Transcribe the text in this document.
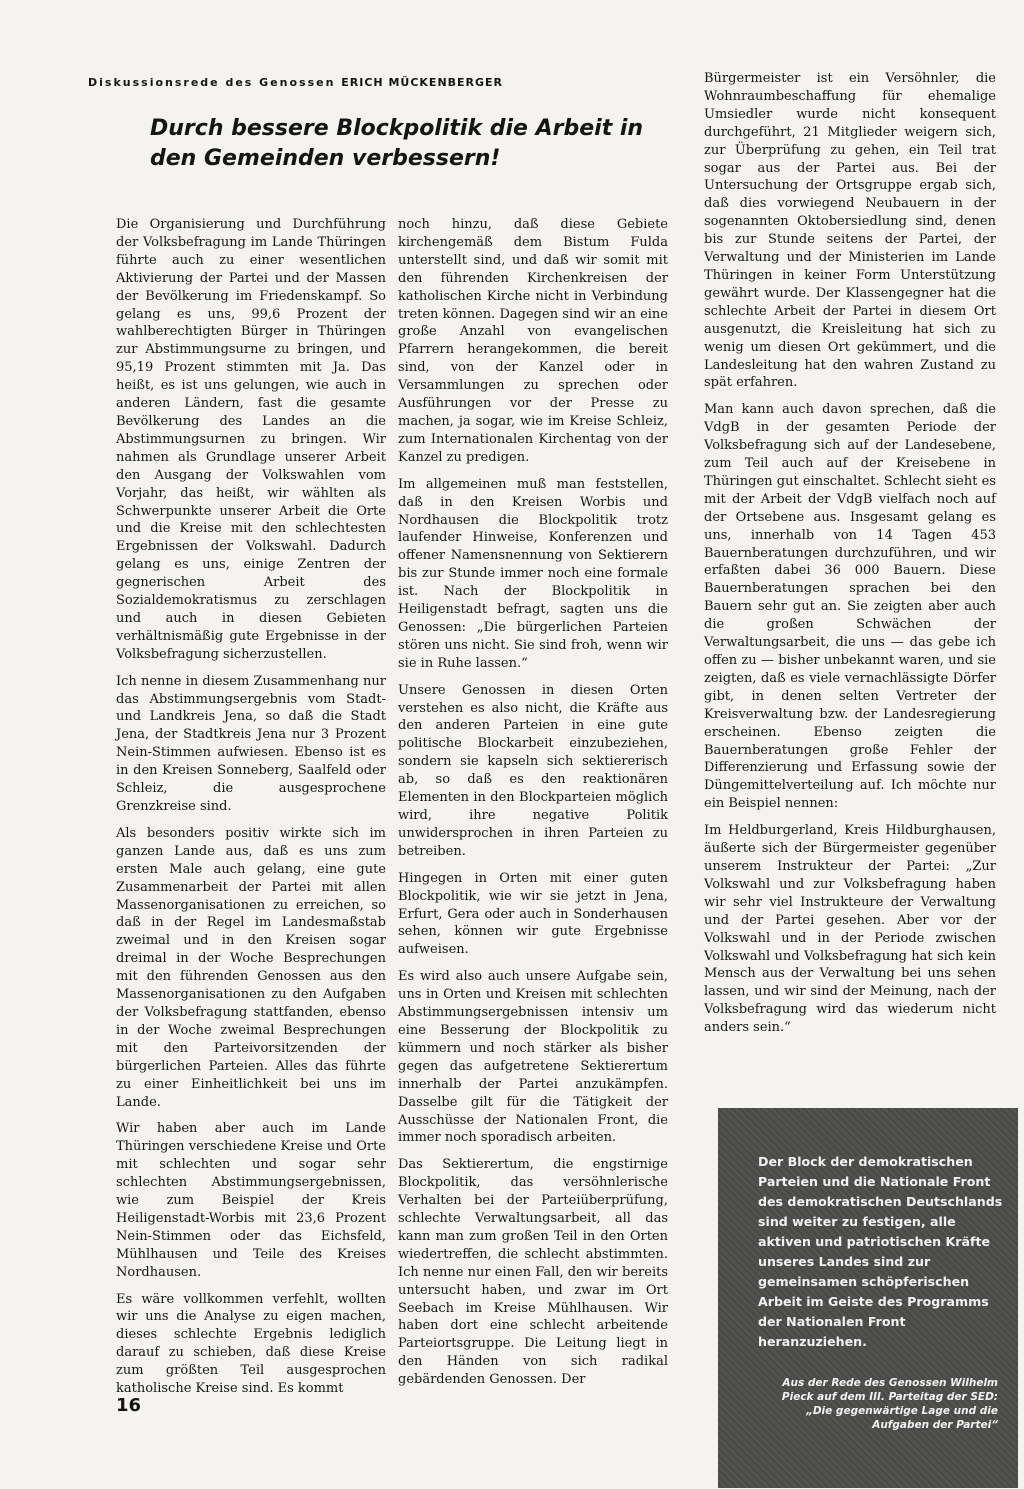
Diskussionsrede des Genossen ERICH MÜCKENBERGER
Durch bessere Blockpolitik die Arbeit in den Gemeinden verbessern!

Die Organisierung und Durchführung der Volksbefragung im Lande Thüringen führte auch zu einer wesentlichen Aktivierung der Partei und der Massen der Bevölkerung im Friedenskampf. So gelang es uns, 99,6 Prozent der wahlberechtigten Bürger in Thüringen zur Abstimmungsurne zu bringen, und 95,19 Prozent stimmten mit Ja. Das heißt, es ist uns gelungen, wie auch in anderen Ländern, fast die gesamte Bevölkerung des Landes an die Abstimmungsurnen zu bringen. Wir nahmen als Grundlage unserer Arbeit den Ausgang der Volkswahlen vom Vorjahr, das heißt, wir wählten als Schwerpunkte unserer Arbeit die Orte und die Kreise mit den schlechtesten Ergebnissen der Volkswahl. Dadurch gelang es uns, einige Zentren der gegnerischen Arbeit des Sozialdemokratismus zu zerschlagen und auch in diesen Gebieten verhältnismäßig gute Ergebnisse in der Volksbefragung sicherzustellen.

Ich nenne in diesem Zusammenhang nur das Abstimmungsergebnis vom Stadt- und Landkreis Jena, so daß die Stadt Jena, der Stadtkreis Jena nur 3 Prozent Nein-Stimmen aufwiesen. Ebenso ist es in den Kreisen Sonneberg, Saalfeld oder Schleiz, die ausgesprochene Grenzkreise sind.

Als besonders positiv wirkte sich im ganzen Lande aus, daß es uns zum ersten Male auch gelang, eine gute Zusammenarbeit der Partei mit allen Massenorganisationen zu erreichen, so daß in der Regel im Landesmaßstab zweimal und in den Kreisen sogar dreimal in der Woche Besprechungen mit den führenden Genossen aus den Massenorganisationen zu den Aufgaben der Volksbefragung stattfanden, ebenso in der Woche zweimal Besprechungen mit den Parteivorsitzenden der bürgerlichen Parteien. Alles das führte zu einer Einheitlichkeit bei uns im Lande.

Wir haben aber auch im Lande Thüringen verschiedene Kreise und Orte mit schlechten und sogar sehr schlechten Abstimmungsergebnissen, wie zum Beispiel der Kreis Heiligenstadt-Worbis mit 23,6 Prozent Nein-Stimmen oder das Eichsfeld, Mühlhausen und Teile des Kreises Nordhausen.

Es wäre vollkommen verfehlt, wollten wir uns die Analyse zu eigen machen, dieses schlechte Ergebnis lediglich darauf zu schieben, daß diese Kreise zum größten Teil ausgesprochen katholische Kreise sind. Es kommt

noch hinzu, daß diese Gebiete kirchengemäß dem Bistum Fulda unterstellt sind, und daß wir somit mit den führenden Kirchenkreisen der katholischen Kirche nicht in Verbindung treten können. Dagegen sind wir an eine große Anzahl von evangelischen Pfarrern herangekommen, die bereit sind, von der Kanzel oder in Versammlungen zu sprechen oder Ausführungen vor der Presse zu machen, ja sogar, wie im Kreise Schleiz, zum Internationalen Kirchentag von der Kanzel zu predigen.

Im allgemeinen muß man feststellen, daß in den Kreisen Worbis und Nordhausen die Blockpolitik trotz laufender Hinweise, Konferenzen und offener Namensnennung von Sektierern bis zur Stunde immer noch eine formale ist. Nach der Blockpolitik in Heiligenstadt befragt, sagten uns die Genossen: „Die bürgerlichen Parteien stören uns nicht. Sie sind froh, wenn wir sie in Ruhe lassen.“

Unsere Genossen in diesen Orten verstehen es also nicht, die Kräfte aus den anderen Parteien in eine gute politische Blockarbeit einzubeziehen, sondern sie kapseln sich sektiererisch ab, so daß es den reaktionären Elementen in den Blockparteien möglich wird, ihre negative Politik unwidersprochen in ihren Parteien zu betreiben.

Hingegen in Orten mit einer guten Blockpolitik, wie wir sie jetzt in Jena, Erfurt, Gera oder auch in Sonderhausen sehen, können wir gute Ergebnisse aufweisen.

Es wird also auch unsere Aufgabe sein, uns in Orten und Kreisen mit schlechten Abstimmungsergebnissen intensiv um eine Besserung der Blockpolitik zu kümmern und noch stärker als bisher gegen das aufgetretene Sektierertum innerhalb der Partei anzukämpfen. Dasselbe gilt für die Tätigkeit der Ausschüsse der Nationalen Front, die immer noch sporadisch arbeiten.

Das Sektierertum, die engstirnige Blockpolitik, das versöhnlerische Verhalten bei der Parteiüberprüfung, schlechte Verwaltungsarbeit, all das kann man zum großen Teil in den Orten wiedertreffen, die schlecht abstimmten. Ich nenne nur einen Fall, den wir bereits untersucht haben, und zwar im Ort Seebach im Kreise Mühlhausen. Wir haben dort eine schlecht arbeitende Parteiortsgruppe. Die Leitung liegt in den Händen von sich radikal gebärdenden Genossen. Der

Bürgermeister ist ein Versöhnler, die Wohnraumbeschaffung für ehemalige Umsiedler wurde nicht konsequent durchgeführt, 21 Mitglieder weigern sich, zur Überprüfung zu gehen, ein Teil trat sogar aus der Partei aus. Bei der Untersuchung der Ortsgruppe ergab sich, daß dies vorwiegend Neubauern in der sogenannten Oktobersiedlung sind, denen bis zur Stunde seitens der Partei, der Verwaltung und der Ministerien im Lande Thüringen in keiner Form Unterstützung gewährt wurde. Der Klassengegner hat die schlechte Arbeit der Partei in diesem Ort ausgenutzt, die Kreisleitung hat sich zu wenig um diesen Ort gekümmert, und die Landesleitung hat den wahren Zustand zu spät erfahren.

Man kann auch davon sprechen, daß die VdgB in der gesamten Periode der Volksbefragung sich auf der Landesebene, zum Teil auch auf der Kreisebene in Thüringen gut einschaltet. Schlecht sieht es mit der Arbeit der VdgB vielfach noch auf der Ortsebene aus. Insgesamt gelang es uns, innerhalb von 14 Tagen 453 Bauernberatungen durchzuführen, und wir erfaßten dabei 36 000 Bauern. Diese Bauernberatungen sprachen bei den Bauern sehr gut an. Sie zeigten aber auch die großen Schwächen der Verwaltungsarbeit, die uns — das gebe ich offen zu — bisher unbekannt waren, und sie zeigten, daß es viele vernachlässigte Dörfer gibt, in denen selten Vertreter der Kreisverwaltung bzw. der Landesregierung erscheinen. Ebenso zeigten die Bauernberatungen große Fehler der Differenzierung und Erfassung sowie der Düngemittelverteilung auf. Ich möchte nur ein Beispiel nennen:

Im Heldburgerland, Kreis Hildburghausen, äußerte sich der Bürgermeister gegenüber unserem Instrukteur der Partei: „Zur Volkswahl und zur Volksbefragung haben wir sehr viel Instrukteure der Verwaltung und der Partei gesehen. Aber vor der Volkswahl und in der Periode zwischen Volkswahl und Volksbefragung hat sich kein Mensch aus der Verwaltung bei uns sehen lassen, und wir sind der Meinung, nach der Volksbefragung wird das wiederum nicht anders sein.“

Der Block der demokratischen Parteien und die Nationale Front des demokratischen Deutschlands sind weiter zu festigen, alle aktiven und patriotischen Kräfte unseres Landes sind zur gemeinsamen schöpferischen Arbeit im Geiste des Programms der Nationalen Front heranzuziehen.
Aus der Rede des Genossen Wilhelm Pieck auf dem III. Parteitag der SED: „Die gegenwärtige Lage und die Aufgaben der Partei“
16
